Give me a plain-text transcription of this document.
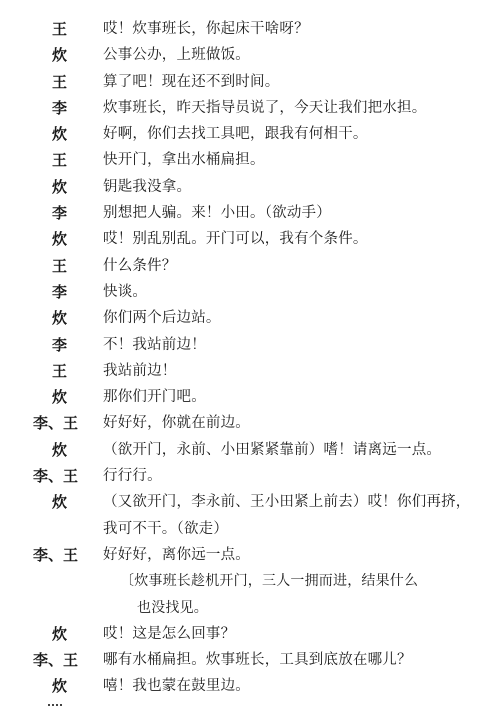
王 哎！炊事班长，你起床干啥呀？
炊 公事公办，上班做饭。
王 算了吧！现在还不到时间。
李 炊事班长，昨天指导员说了，今天让我们把水担。
炊 好啊，你们去找工具吧，跟我有何相干。
王 快开门，拿出水桶扁担。
炊 钥匙我没拿。
李 别想把人骗。来！小田。（欲动手）
炊 哎！别乱别乱。开门可以，我有个条件。
王 什么条件？
李 快谈。
炊 你们两个后边站。
李 不！我站前边！
王 我站前边！
炊 那你们开门吧。
李、王 好好好，你就在前边。
炊 （欲开门，永前、小田紧紧靠前）嗜！请离远一点。
李、王 行行行。
炊 （又欲开门，李永前、王小田紧上前去）哎！你们再挤，
我可不干。（欲走）
李、王 好好好，离你远一点。
〔炊事班长趁机开门，三人一拥而进，结果什么
也没找见。
炊 哎！这是怎么回事？
李、王 哪有水桶扁担。炊事班长，工具到底放在哪儿？
炊 嘻！我也蒙在鼓里边。
